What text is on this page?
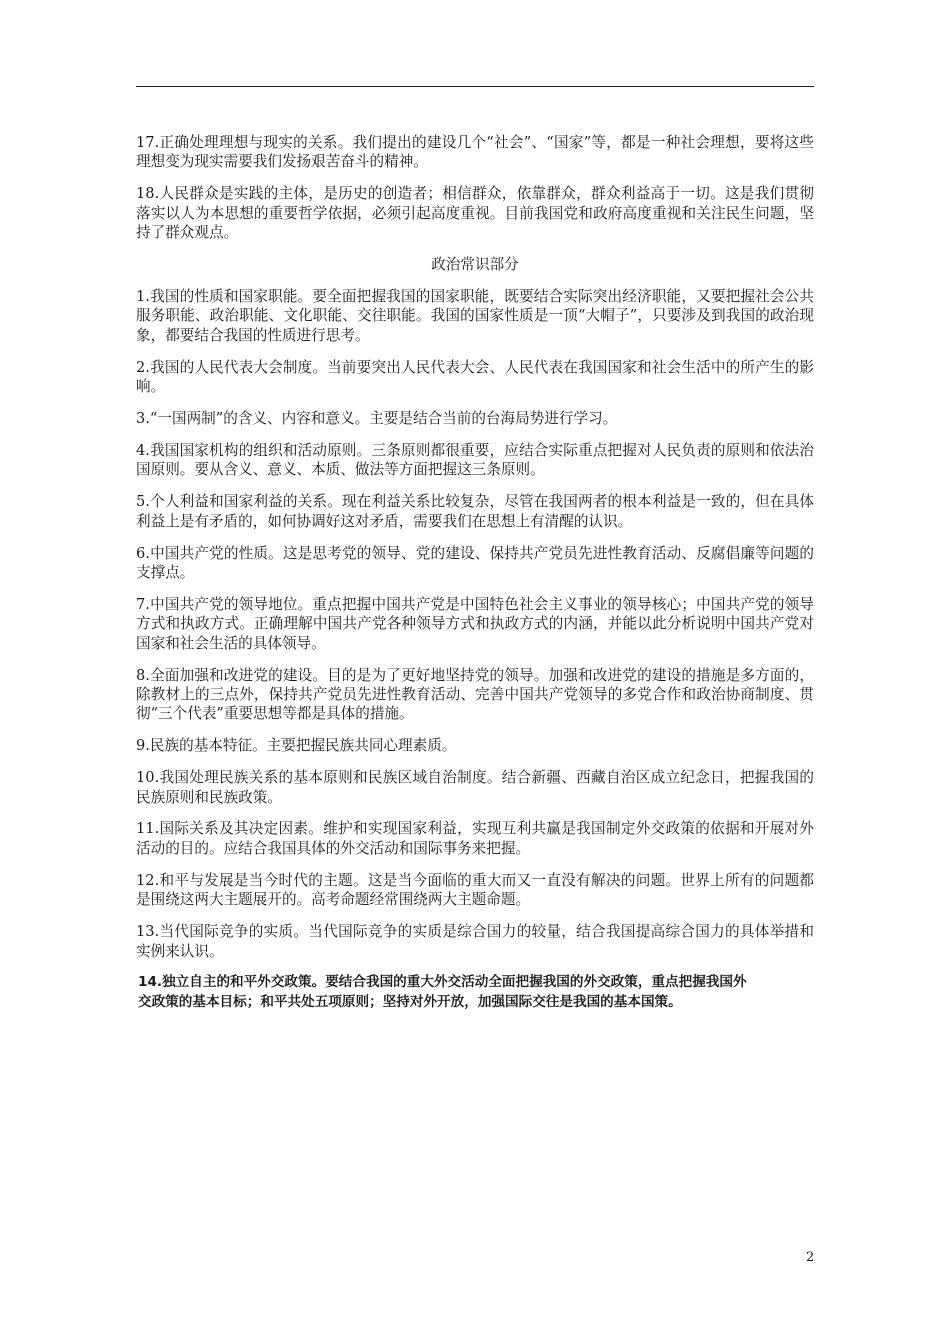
17.正确处理理想与现实的关系。我们提出的建设几个“社会”、“国家”等，都是一种社会理想，要将这些理想变为现实需要我们发扬艰苦奋斗的精神。

18.人民群众是实践的主体，是历史的创造者；相信群众，依靠群众，群众利益高于一切。这是我们贯彻落实以人为本思想的重要哲学依据，必须引起高度重视。目前我国党和政府高度重视和关注民生问题，坚持了群众观点。

政治常识部分

1.我国的性质和国家职能。要全面把握我国的国家职能，既要结合实际突出经济职能，又要把握社会公共服务职能、政治职能、文化职能、交往职能。我国的国家性质是一顶“大帽子”，只要涉及到我国的政治现象，都要结合我国的性质进行思考。

2.我国的人民代表大会制度。当前要突出人民代表大会、人民代表在我国国家和社会生活中的所产生的影响。

3.“一国两制”的含义、内容和意义。主要是结合当前的台海局势进行学习。

4.我国国家机构的组织和活动原则。三条原则都很重要，应结合实际重点把握对人民负责的原则和依法治国原则。要从含义、意义、本质、做法等方面把握这三条原则。

5.个人利益和国家利益的关系。现在利益关系比较复杂，尽管在我国两者的根本利益是一致的，但在具体利益上是有矛盾的，如何协调好这对矛盾，需要我们在思想上有清醒的认识。

6.中国共产党的性质。这是思考党的领导、党的建设、保持共产党员先进性教育活动、反腐倡廉等问题的支撑点。

7.中国共产党的领导地位。重点把握中国共产党是中国特色社会主义事业的领导核心；中国共产党的领导方式和执政方式。正确理解中国共产党各种领导方式和执政方式的内涵，并能以此分析说明中国共产党对国家和社会生活的具体领导。

8.全面加强和改进党的建设。目的是为了更好地坚持党的领导。加强和改进党的建设的措施是多方面的，除教材上的三点外，保持共产党员先进性教育活动、完善中国共产党领导的多党合作和政治协商制度、贯彻“三个代表”重要思想等都是具体的措施。

9.民族的基本特征。主要把握民族共同心理素质。

10.我国处理民族关系的基本原则和民族区域自治制度。结合新疆、西藏自治区成立纪念日，把握我国的民族原则和民族政策。

11.国际关系及其决定因素。维护和实现国家利益，实现互利共赢是我国制定外交政策的依据和开展对外活动的目的。应结合我国具体的外交活动和国际事务来把握。

12.和平与发展是当今时代的主题。这是当今面临的重大而又一直没有解决的问题。世界上所有的问题都是围绕这两大主题展开的。高考命题经常围绕两大主题命题。

13.当代国际竞争的实质。当代国际竞争的实质是综合国力的较量，结合我国提高综合国力的具体举措和实例来认识。

14.独立自主的和平外交政策。要结合我国的重大外交活动全面把握我国的外交政策，重点把握我国外交政策的基本目标；和平共处五项原则；坚持对外开放，加强国际交往是我国的基本国策。

2
